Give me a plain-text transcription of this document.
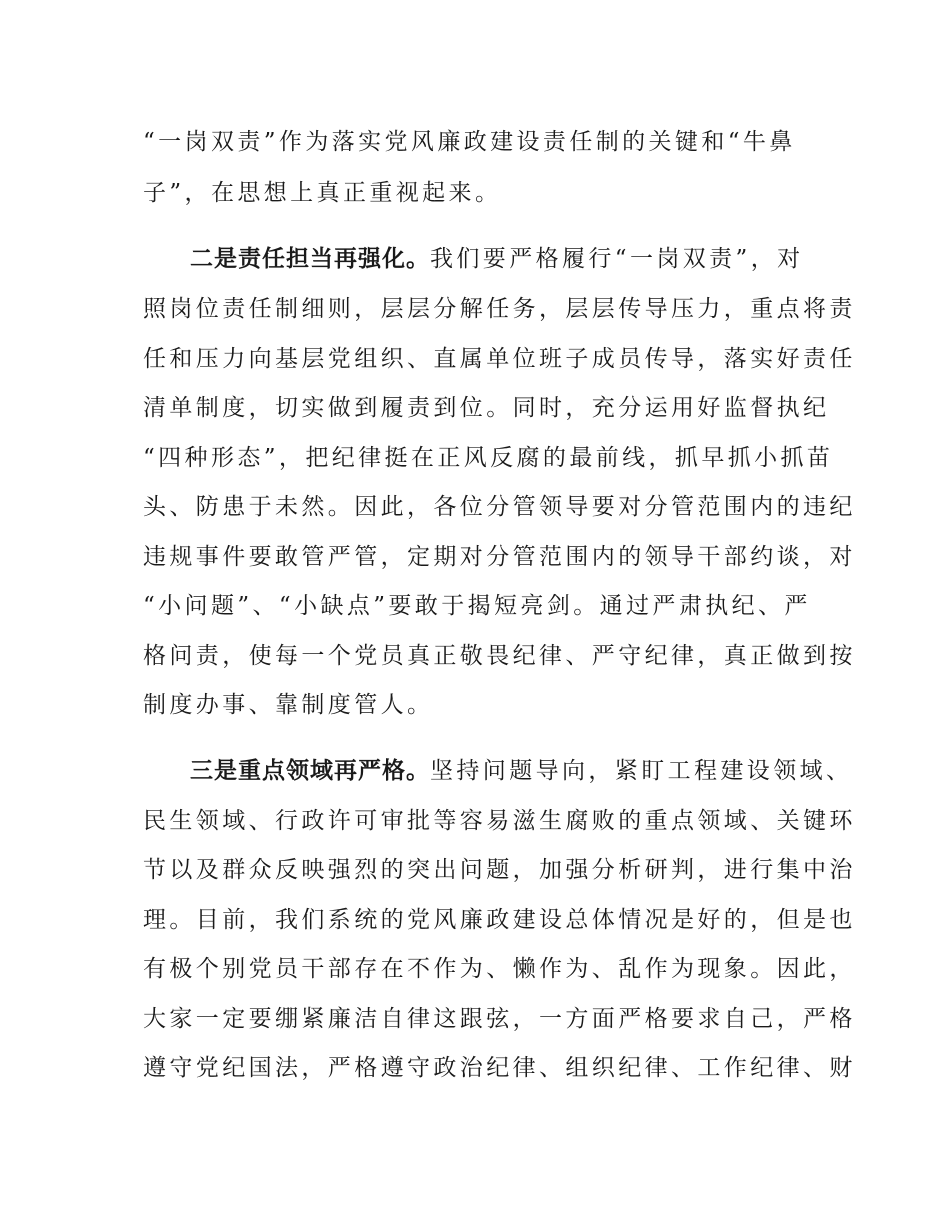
“一岗双责”作为落实党风廉政建设责任制的关键和“牛鼻
子”，在思想上真正重视起来。
二是责任担当再强化。我们要严格履行“一岗双责”，对
照岗位责任制细则，层层分解任务，层层传导压力，重点将责
任和压力向基层党组织、直属单位班子成员传导，落实好责任
清单制度，切实做到履责到位。同时，充分运用好监督执纪
“四种形态”，把纪律挺在正风反腐的最前线，抓早抓小抓苗
头、防患于未然。因此，各位分管领导要对分管范围内的违纪
违规事件要敢管严管，定期对分管范围内的领导干部约谈，对
“小问题”、“小缺点”要敢于揭短亮剑。通过严肃执纪、严
格问责，使每一个党员真正敬畏纪律、严守纪律，真正做到按
制度办事、靠制度管人。
三是重点领域再严格。坚持问题导向，紧盯工程建设领域、
民生领域、行政许可审批等容易滋生腐败的重点领域、关键环
节以及群众反映强烈的突出问题，加强分析研判，进行集中治
理。目前，我们系统的党风廉政建设总体情况是好的，但是也
有极个别党员干部存在不作为、懒作为、乱作为现象。因此，
大家一定要绷紧廉洁自律这跟弦，一方面严格要求自己，严格
遵守党纪国法，严格遵守政治纪律、组织纪律、工作纪律、财
